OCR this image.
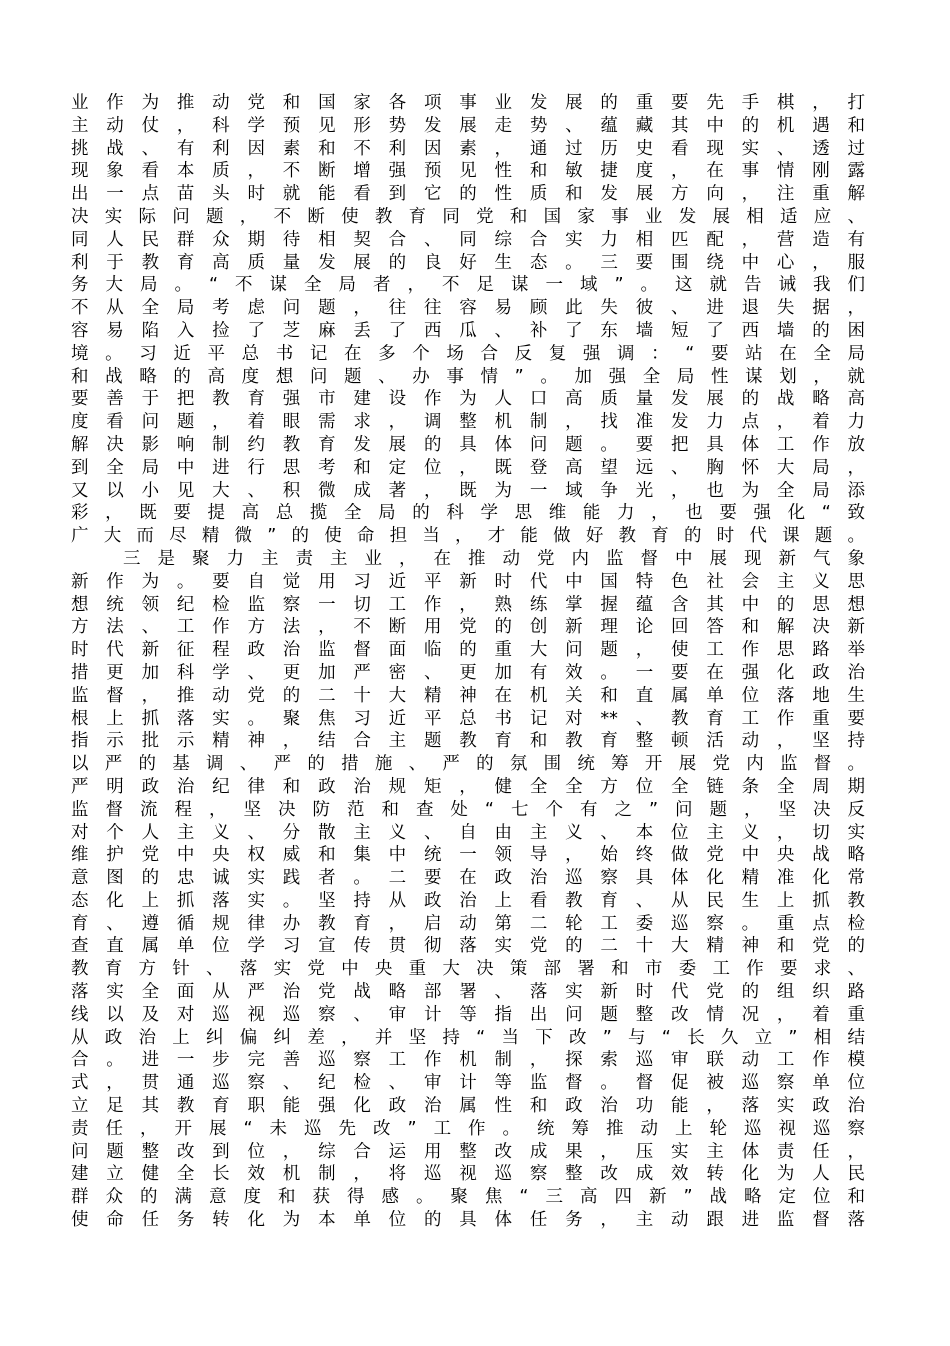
业作为推动党和国家各项事业发展的重要先手棋，打
主动仗，科学预见形势发展走势、蕴藏其中的机遇和
挑战、有利因素和不利因素，通过历史看现实、透过
现象看本质，不断增强预见性和敏捷度，在事情刚露
出一点苗头时就能看到它的性质和发展方向，注重解
决实际问题，不断使教育同党和国家事业发展相适应、
同人民群众期待相契合、同综合实力相匹配，营造有
利于教育高质量发展的良好生态。三要围绕中心，服
务大局。“不谋全局者，不足谋一域”。这就告诫我们
不从全局考虑问题，往往容易顾此失彼、进退失据，
容易陷入捡了芝麻丢了西瓜、补了东墙短了西墙的困
境。习近平总书记在多个场合反复强调：“要站在全局
和战略的高度想问题、办事情”。加强全局性谋划，就
要善于把教育强市建设作为人口高质量发展的战略高
度看问题，着眼需求，调整机制，找准发力点，着力
解决影响制约教育发展的具体问题。要把具体工作放
到全局中进行思考和定位，既登高望远、胸怀大局，
又以小见大、积微成著，既为一域争光，也为全局添
彩，既要提高总揽全局的科学思维能力，也要强化“致
广大而尽精微”的使命担当，才能做好教育的时代课题。
三是聚力主责主业，在推动党内监督中展现新气象
新作为。要自觉用习近平新时代中国特色社会主义思
想统领纪检监察一切工作，熟练掌握蕴含其中的思想
方法、工作方法，不断用党的创新理论回答和解决新
时代新征程政治监督面临的重大问题，使工作思路举
措更加科学、更加严密、更加有效。一要在强化政治
监督，推动党的二十大精神在机关和直属单位落地生
根上抓落实。聚焦习近平总书记对**、教育工作重要
指示批示精神，结合主题教育和教育整顿活动，坚持
以严的基调、严的措施、严的氛围统筹开展党内监督。
严明政治纪律和政治规矩，健全全方位全链条全周期
监督流程，坚决防范和查处“七个有之”问题，坚决反
对个人主义、分散主义、自由主义、本位主义，切实
维护党中央权威和集中统一领导，始终做党中央战略
意图的忠诚实践者。二要在政治巡察具体化精准化常
态化上抓落实。坚持从政治上看教育、从民生上抓教
育、遵循规律办教育，启动第二轮工委巡察。重点检
查直属单位学习宣传贯彻落实党的二十大精神和党的
教育方针、落实党中央重大决策部署和市委工作要求、
落实全面从严治党战略部署、落实新时代党的组织路
线以及对巡视巡察、审计等指出问题整改情况，着重
从政治上纠偏纠差，并坚持“当下改”与“长久立”相结
合。进一步完善巡察工作机制，探索巡审联动工作模
式，贯通巡察、纪检、审计等监督。督促被巡察单位
立足其教育职能强化政治属性和政治功能，落实政治
责任，开展“未巡先改”工作。统筹推动上轮巡视巡察
问题整改到位，综合运用整改成果，压实主体责任，
建立健全长效机制，将巡视巡察整改成效转化为人民
群众的满意度和获得感。聚焦“三高四新”战略定位和
使命任务转化为本单位的具体任务，主动跟进监督落
